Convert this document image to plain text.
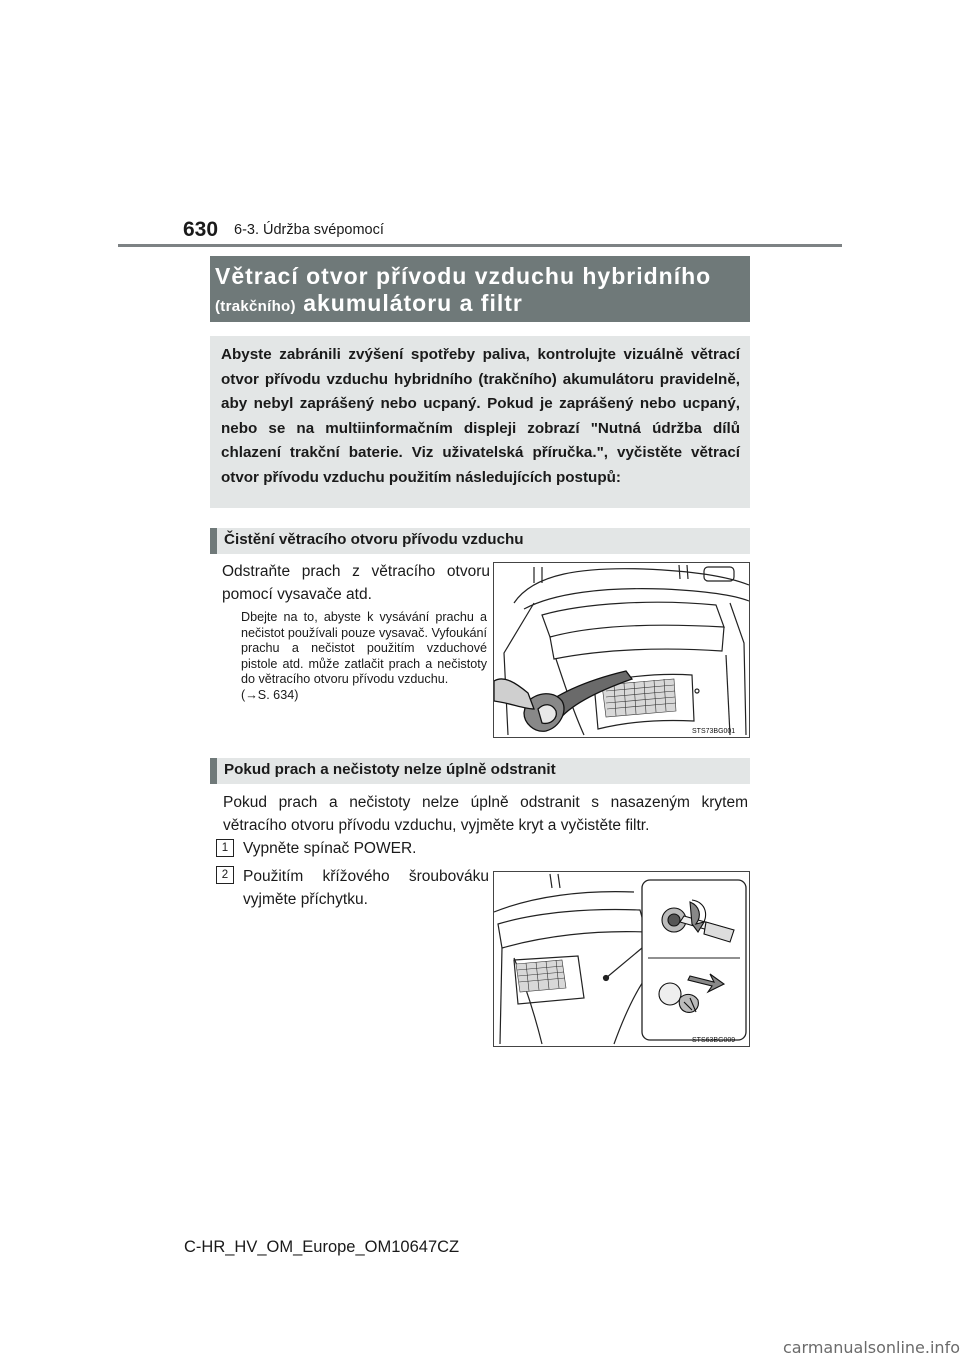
630 6-3. Údržba svépomocí
Větrací otvor přívodu vzduchu hybridního
(trakčního) akumulátoru a filtr
Abyste zabránili zvýšení spotřeby paliva, kontrolujte vizuálně větrací otvor přívodu vzduchu hybridního (trakčního) akumulátoru pravidelně, aby nebyl zaprášený nebo ucpaný. Pokud je zaprášený nebo ucpaný, nebo se na multiinformačním displeji zobrazí "Nutná údržba dílů chlazení trakční baterie. Viz uživatelská příručka.", vyčistěte větrací otvor přívodu vzduchu použitím následujících postupů:
Čistění větracího otvoru přívodu vzduchu
Odstraňte prach z větracího otvoru pomocí vysavače atd.
Dbejte na to, abyste k vysávání prachu a nečistot používali pouze vysavač. Vyfoukání prachu a nečistot použitím vzduchové pistole atd. může zatlačit prach a nečistoty do větracího otvoru přívodu vzduchu.
(→S. 634)
STS73BG001
Pokud prach a nečistoty nelze úplně odstranit
Pokud prach a nečistoty nelze úplně odstranit s nasazeným krytem větracího otvoru přívodu vzduchu, vyjměte kryt a vyčistěte filtr.
1 Vypněte spínač POWER.
2 Použitím křížového šroubováku vyjměte příchytku.
STS63BG009
C-HR_HV_OM_Europe_OM10647CZ
carmanualsonline.info
